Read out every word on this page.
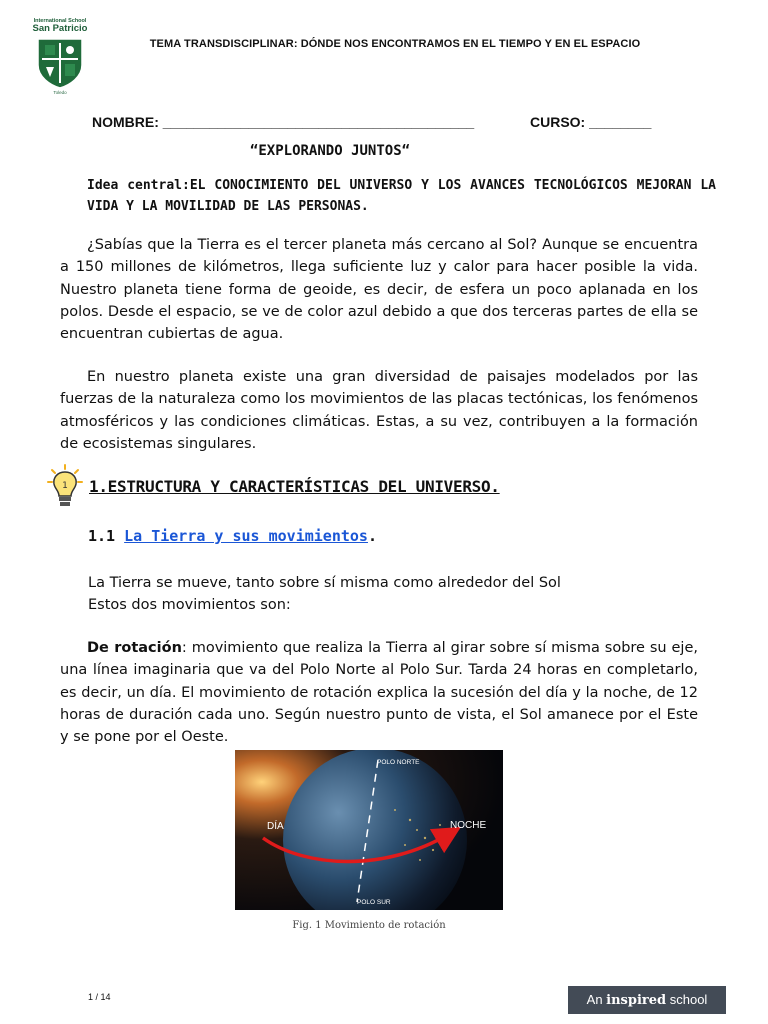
International School
San Patricio
Toledo
TEMA TRANSDISCIPLINAR: DÓNDE NOS ENCONTRAMOS EN EL TIEMPO Y EN EL ESPACIO
NOMBRE: ________________________________________	CURSO: ________
“EXPLORANDO JUNTOS“
Idea central:EL CONOCIMIENTO DEL UNIVERSO Y LOS AVANCES TECNOLÓGICOS MEJORAN LA VIDA Y LA MOVILIDAD DE LAS PERSONAS.
¿Sabías que la Tierra es el tercer planeta más cercano al Sol? Aunque se encuentra a 150 millones de kilómetros, llega suficiente luz y calor para hacer posible la vida. Nuestro planeta tiene forma de geoide, es decir, de esfera un poco aplanada en los polos. Desde el espacio, se ve de color azul debido a que dos terceras partes de ella se encuentran cubiertas de agua.
En nuestro planeta existe una gran diversidad de paisajes modelados por las fuerzas de la naturaleza como los movimientos de las placas tectónicas, los fenómenos atmosféricos y las condiciones climáticas. Estas, a su vez, contribuyen a la formación de ecosistemas singulares.
1 1.ESTRUCTURA Y CARACTERÍSTICAS DEL UNIVERSO.
1.1 La Tierra y sus movimientos.
La Tierra se mueve, tanto sobre sí misma como alrededor del Sol
Estos dos movimientos son:
De rotación: movimiento que realiza la Tierra al girar sobre sí misma sobre su eje, una línea imaginaria que va del Polo Norte al Polo Sur. Tarda 24 horas en completarlo, es decir, un día. El movimiento de rotación explica la sucesión del día y la noche, de 12 horas de duración cada uno. Según nuestro punto de vista, el Sol amanece por el Este y se pone por el Oeste.
POLO NORTE
POLO SUR
DÍA	NOCHE
Fig. 1 Movimiento de rotación
1 / 14	An inspired school
